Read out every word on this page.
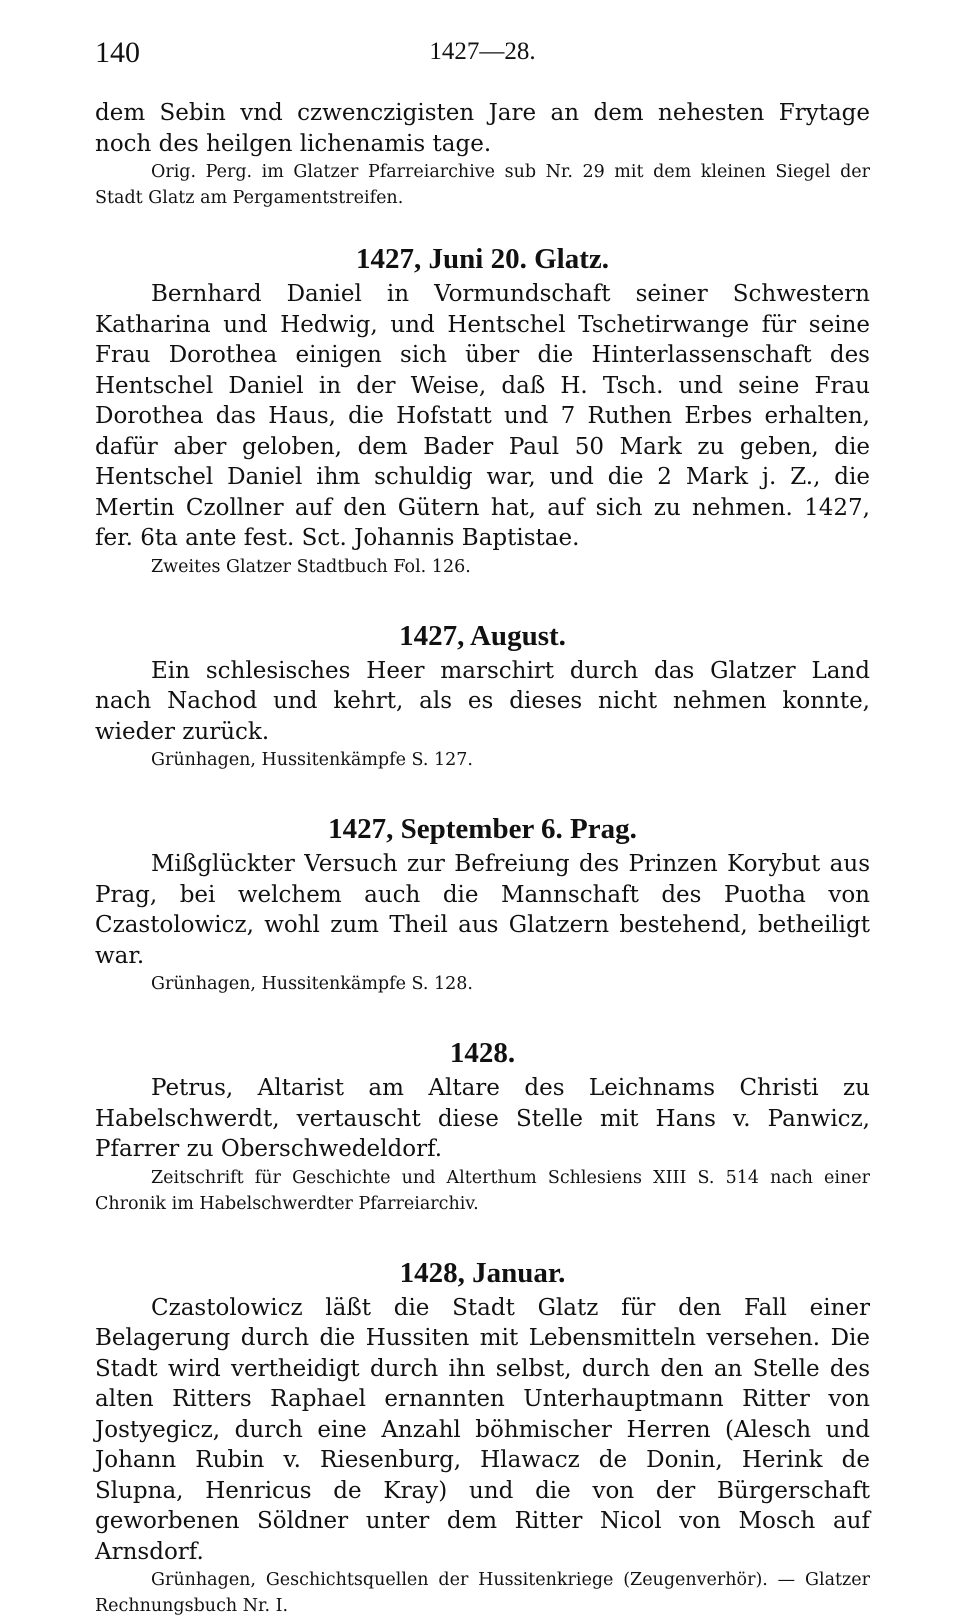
140	1427—28.

dem Sebin vnd czwenczigisten Jare an dem nehesten Frytage noch des heilgen lichenamis tage.

Orig. Perg. im Glatzer Pfarreiarchive sub Nr. 29 mit dem kleinen Siegel der Stadt Glatz am Pergamentstreifen.

1427, Juni 20. Glatz.

Bernhard Daniel in Vormundschaft seiner Schwestern Katharina und Hedwig, und Hentschel Tschetirwange für seine Frau Dorothea einigen sich über die Hinterlassenschaft des Hentschel Daniel in der Weise, daß H. Tsch. und seine Frau Dorothea das Haus, die Hofstatt und 7 Ruthen Erbes erhalten, dafür aber geloben, dem Bader Paul 50 Mark zu geben, die Hentschel Daniel ihm schuldig war, und die 2 Mark j. Z., die Mertin Czollner auf den Gütern hat, auf sich zu nehmen. 1427, fer. 6ta ante fest. Sct. Johannis Baptistae.

Zweites Glatzer Stadtbuch Fol. 126.

1427, August.

Ein schlesisches Heer marschirt durch das Glatzer Land nach Nachod und kehrt, als es dieses nicht nehmen konnte, wieder zurück.

Grünhagen, Hussitenkämpfe S. 127.

1427, September 6. Prag.

Mißglückter Versuch zur Befreiung des Prinzen Korybut aus Prag, bei welchem auch die Mannschaft des Puotha von Czastolowicz, wohl zum Theil aus Glatzern bestehend, betheiligt war.

Grünhagen, Hussitenkämpfe S. 128.

1428.

Petrus, Altarist am Altare des Leichnams Christi zu Habelschwerdt, vertauscht diese Stelle mit Hans v. Panwicz, Pfarrer zu Oberschwedeldorf.

Zeitschrift für Geschichte und Alterthum Schlesiens XIII S. 514 nach einer Chronik im Habelschwerdter Pfarreiarchiv.

1428, Januar.

Czastolowicz läßt die Stadt Glatz für den Fall einer Belagerung durch die Hussiten mit Lebensmitteln versehen. Die Stadt wird vertheidigt durch ihn selbst, durch den an Stelle des alten Ritters Raphael ernannten Unterhauptmann Ritter von Jostyegicz, durch eine Anzahl böhmischer Herren (Alesch und Johann Rubin v. Riesenburg, Hlawacz de Donin, Herink de Slupna, Henricus de Kray) und die von der Bürgerschaft geworbenen Söldner unter dem Ritter Nicol von Mosch auf Arnsdorf.

Grünhagen, Geschichtsquellen der Hussitenkriege (Zeugenverhör). — Glatzer Rechnungsbuch Nr. I.
